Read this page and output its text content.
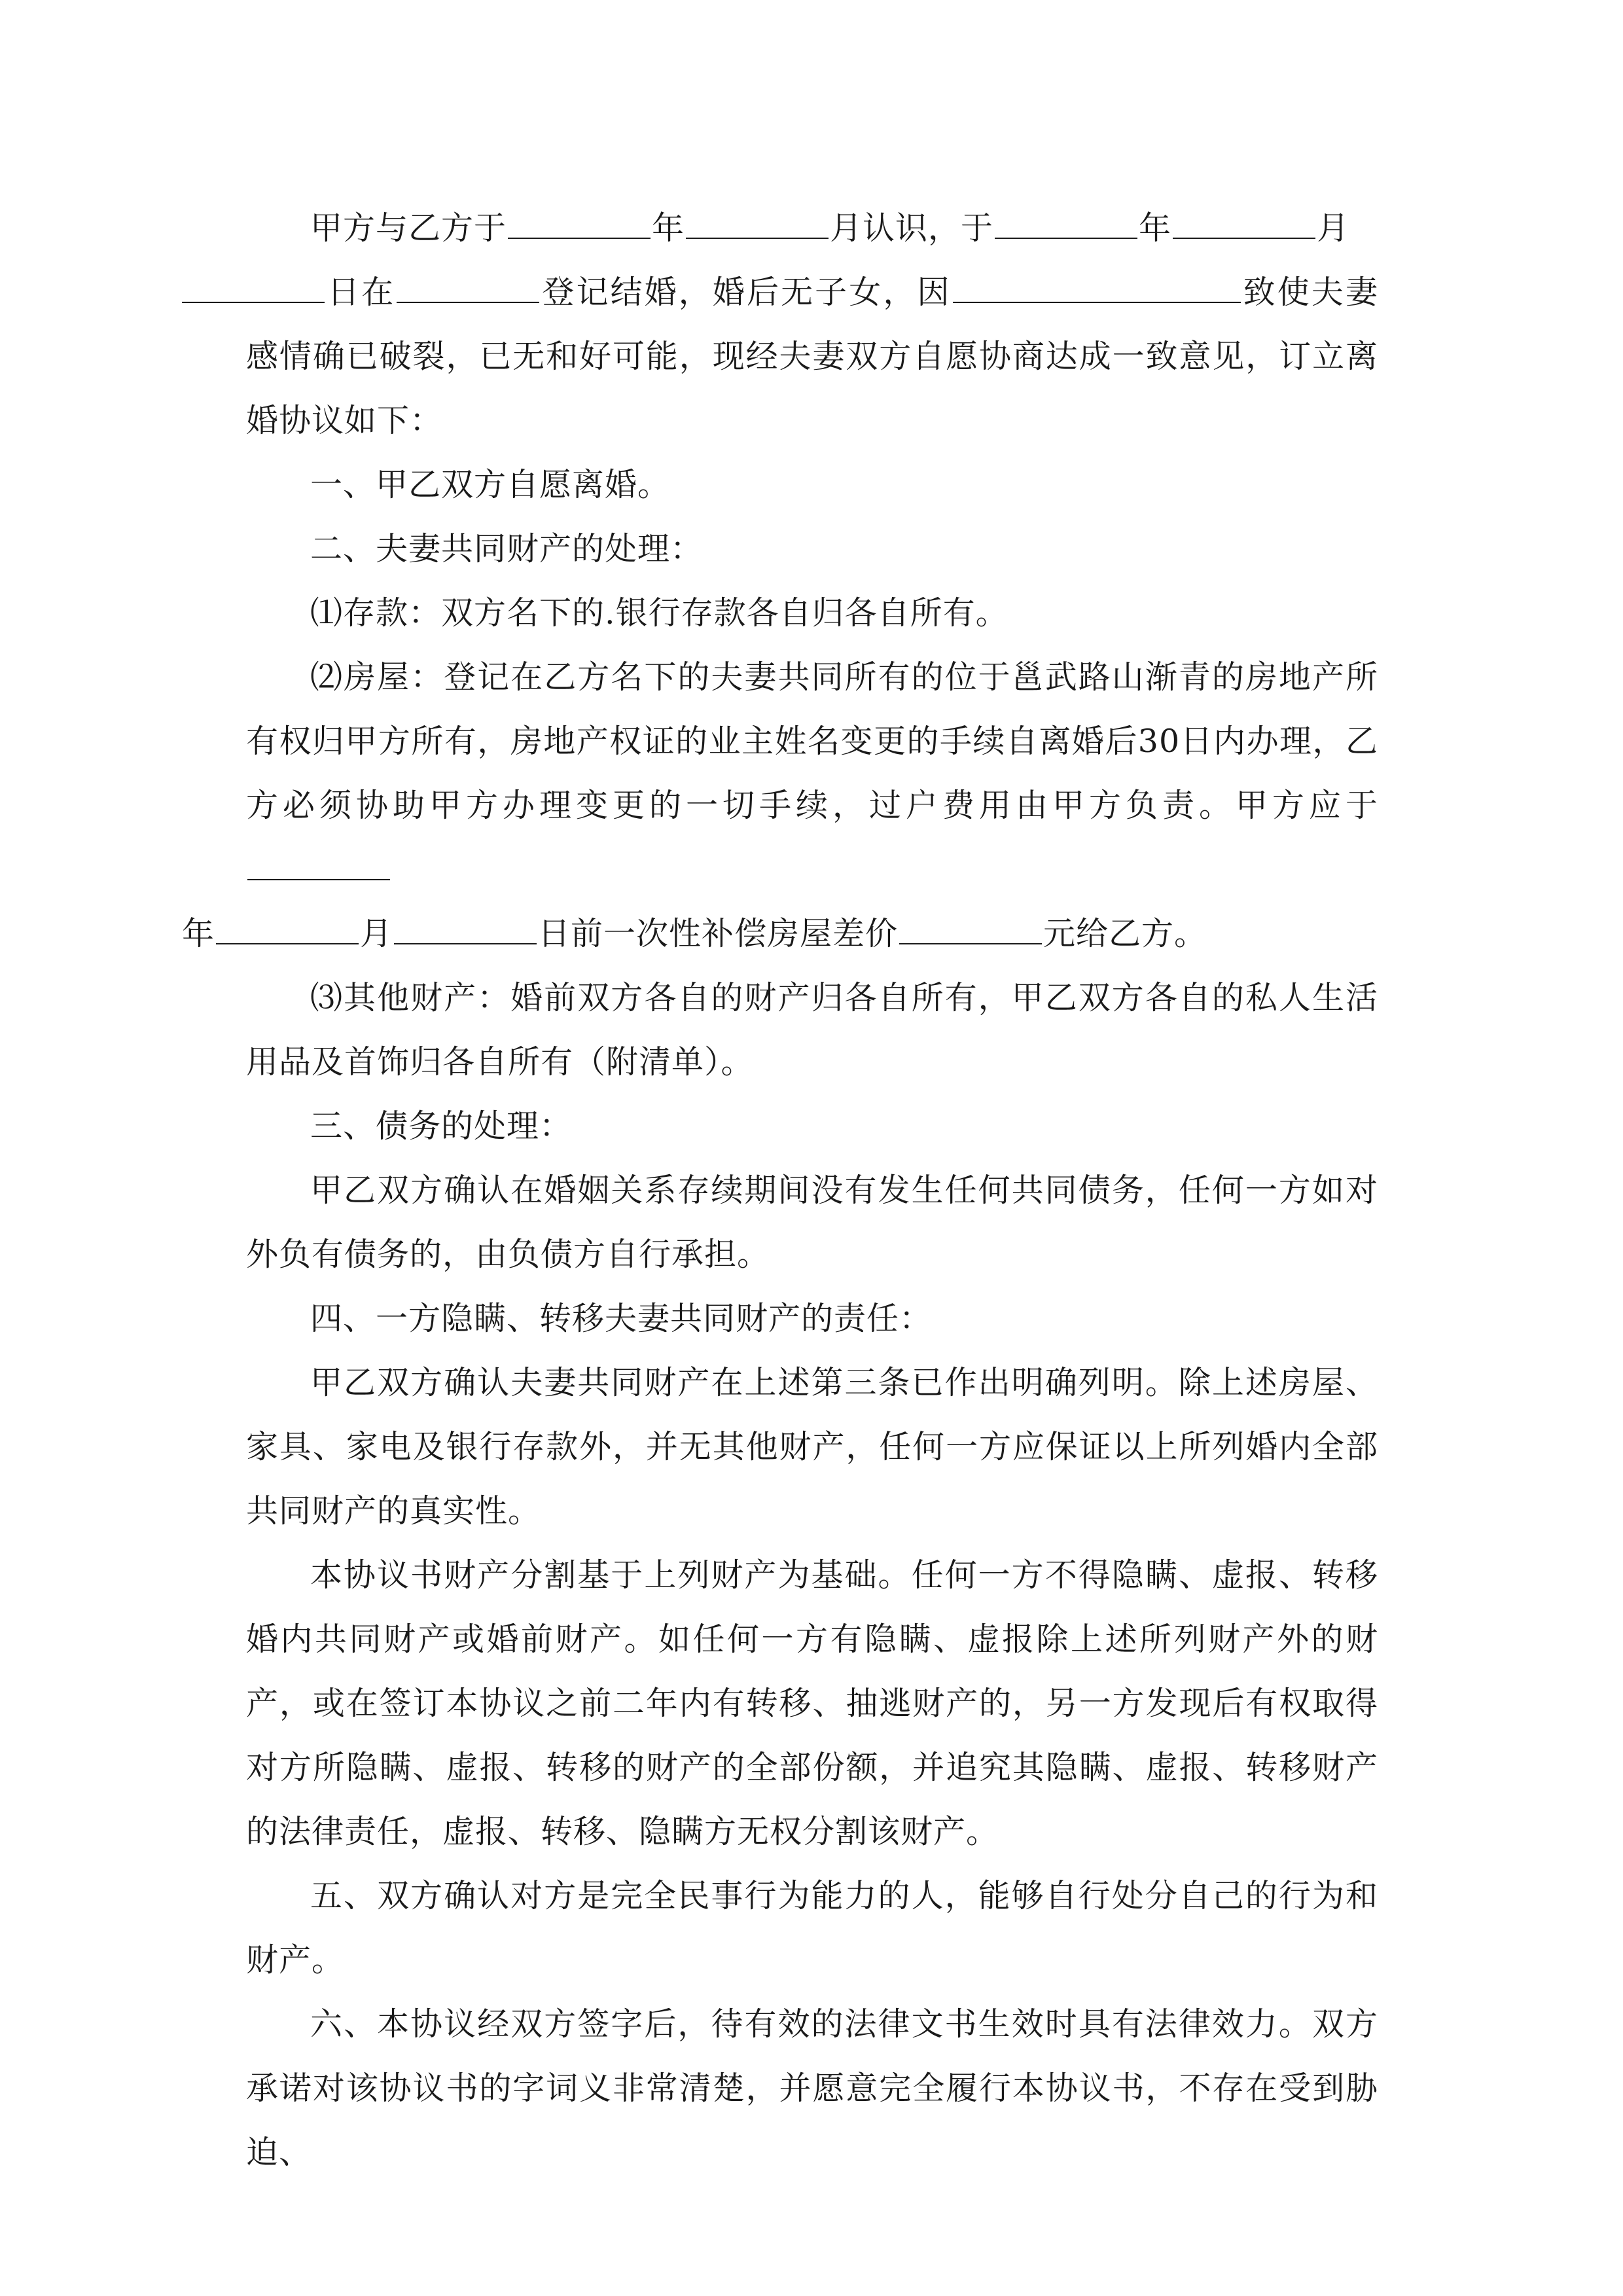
甲方与乙方于	年	月认识，于	年	月
日在	登记结婚，婚后无子女，因	致使夫妻感情确已破裂，已无和好可能，现经夫妻双方自愿协商达成一致意见，订立离婚协议如下：

一、甲乙双方自愿离婚。

二、夫妻共同财产的处理：

⑴存款：双方名下的.银行存款各自归各自所有。

⑵房屋：登记在乙方名下的夫妻共同所有的位于邕武路山渐青的房地产所有权归甲方所有，房地产权证的业主姓名变更的手续自离婚后30日内办理，乙方必须协助甲方办理变更的一切手续，过户费用由甲方负责。甲方应于
年	月	日前一次性补偿房屋差价	元给乙方。

⑶其他财产：婚前双方各自的财产归各自所有，甲乙双方各自的私人生活用品及首饰归各自所有（附清单）。

三、债务的处理：

甲乙双方确认在婚姻关系存续期间没有发生任何共同债务，任何一方如对外负有债务的，由负债方自行承担。

四、一方隐瞒、转移夫妻共同财产的责任：

甲乙双方确认夫妻共同财产在上述第三条已作出明确列明。除上述房屋、家具、家电及银行存款外，并无其他财产，任何一方应保证以上所列婚内全部共同财产的真实性。

本协议书财产分割基于上列财产为基础。任何一方不得隐瞒、虚报、转移婚内共同财产或婚前财产。如任何一方有隐瞒、虚报除上述所列财产外的财产，或在签订本协议之前二年内有转移、抽逃财产的，另一方发现后有权取得对方所隐瞒、虚报、转移的财产的全部份额，并追究其隐瞒、虚报、转移财产的法律责任，虚报、转移、隐瞒方无权分割该财产。

五、双方确认对方是完全民事行为能力的人，能够自行处分自己的行为和财产。

六、本协议经双方签字后，待有效的法律文书生效时具有法律效力。双方承诺对该协议书的字词义非常清楚，并愿意完全履行本协议书，不存在受到胁迫、
